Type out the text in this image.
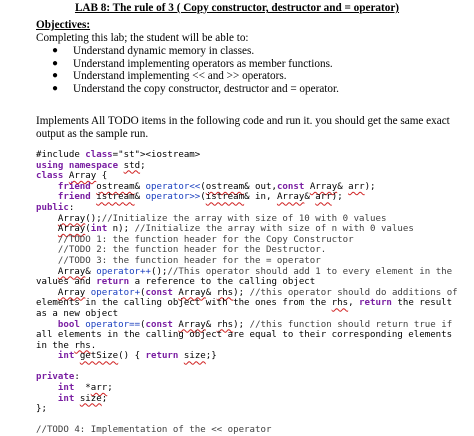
LAB 8: The rule of 3 ( Copy constructor, destructor and = operator)
Objectives:
Completing this lab; the student will be able to:
● Understand dynamic memory in classes.
● Understand implementing operators as member functions.
● Understand implementing << and >> operators.
● Understand the copy constructor, destructor and = operator.
Implements All TODO items in the following code and run it. you should get the same exact output as the sample run.
#include class="st"><iostream>
using namespace std;
class Array {
friend ostream& operator<<(ostream& out,const Array& arr);
friend istream& operator>>(istream& in, Array& arr);
public:
Array();//Initialize the array with size of 10 with 0 values
Array(int n); //Initialize the array with size of n with 0 values
//TODO 1: the function header for the Copy Constructor
//TODO 2: the function header for the Destructor.
//TODO 3: the function header for the = operator
Array& operator++();//This operator should add 1 to every element in the
values and return a reference to the calling object
Array operator+(const Array& rhs); //this operator should do additions of
elements in the calling object with the ones from the rhs, return the result
as a new object
bool operator==(const Array& rhs); //this function should return true if
all elements in the calling object are equal to their corresponding elements
in the rhs.
int getSize() { return size;}

private:
int  *arr;
int size;
};

//TODO 4: Implementation of the << operator
